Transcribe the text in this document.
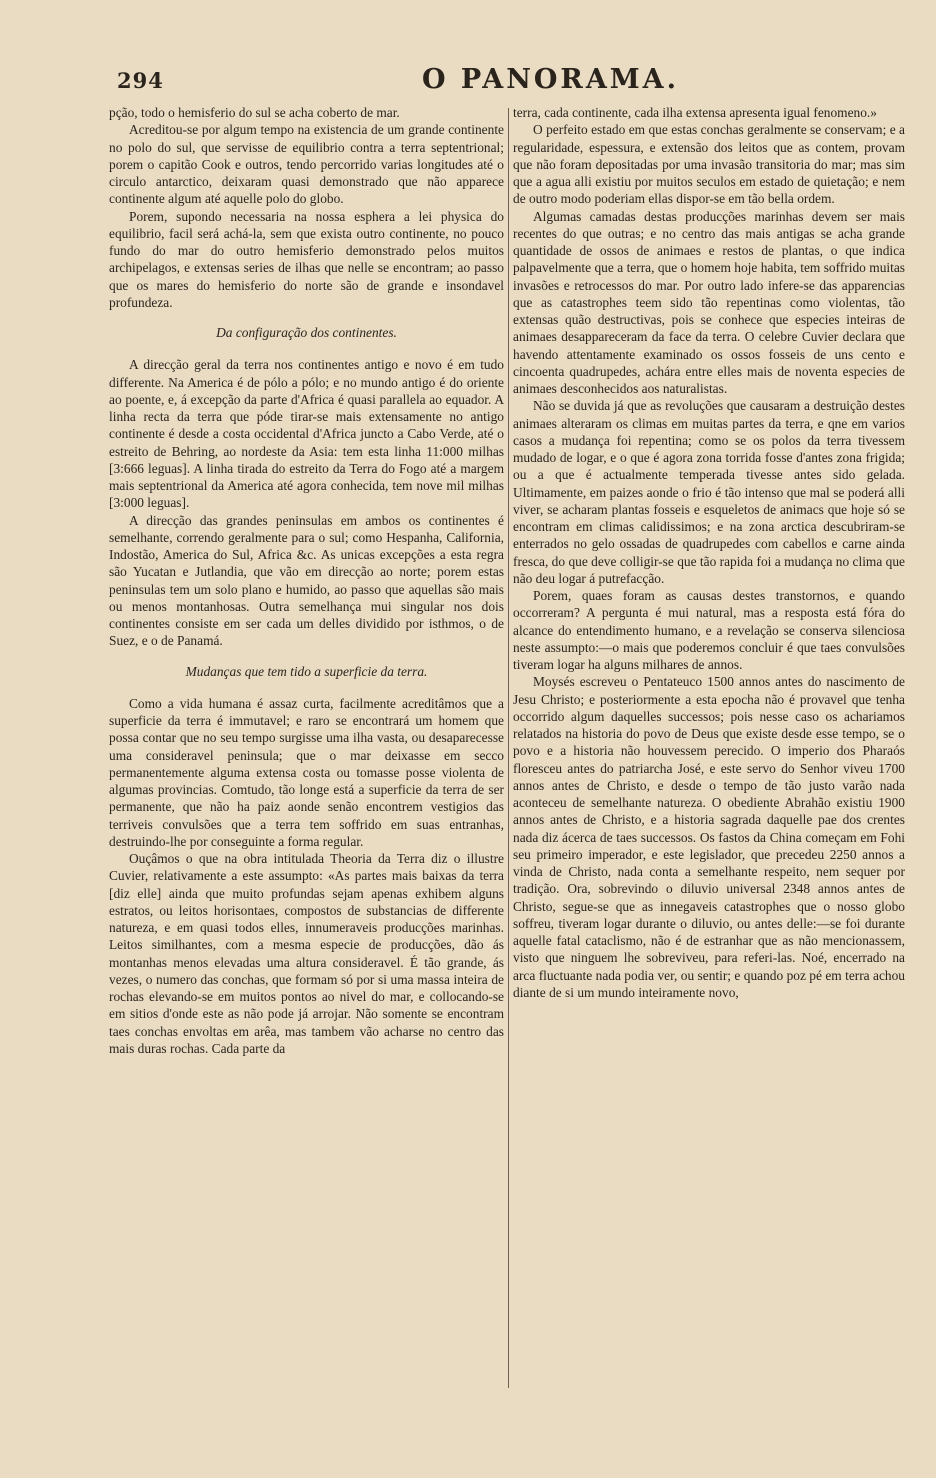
294	O PANORAMA.

pção, todo o hemisferio do sul se acha coberto de mar.

Acreditou-se por algum tempo na existencia de um grande continente no polo do sul, que servisse de equilibrio contra a terra septentrional; porem o capitão Cook e outros, tendo percorrido varias longitudes até o circulo antarctico, deixaram quasi demonstrado que não apparece continente algum até aquelle polo do globo.

Porem, supondo necessaria na nossa esphera a lei physica do equilibrio, facil será achá-la, sem que exista outro continente, no pouco fundo do mar do outro hemisferio demonstrado pelos muitos archipelagos, e extensas series de ilhas que nelle se encontram; ao passo que os mares do hemisferio do norte são de grande e insondavel profundeza.

Da configuração dos continentes.

A direcção geral da terra nos continentes antigo e novo é em tudo differente. Na America é de pólo a pólo; e no mundo antigo é do oriente ao poente, e, á excepção da parte d'Africa é quasi parallela ao equador. A linha recta da terra que póde tirar-se mais extensamente no antigo continente é desde a costa occidental d'Africa juncto a Cabo Verde, até o estreito de Behring, ao nordeste da Asia: tem esta linha 11:000 milhas [3:666 leguas]. A linha tirada do estreito da Terra do Fogo até a margem mais septentrional da America até agora conhecida, tem nove mil milhas [3:000 leguas].

A direcção das grandes peninsulas em ambos os continentes é semelhante, correndo geralmente para o sul; como Hespanha, California, Indostão, America do Sul, Africa &c. As unicas excepções a esta regra são Yucatan e Jutlandia, que vão em direcção ao norte; porem estas peninsulas tem um solo plano e humido, ao passo que aquellas são mais ou menos montanhosas. Outra semelhança mui singular nos dois continentes consiste em ser cada um delles dividido por isthmos, o de Suez, e o de Panamá.

Mudanças que tem tido a superficie da terra.

Como a vida humana é assaz curta, facilmente acreditâmos que a superficie da terra é immutavel; e raro se encontrará um homem que possa contar que no seu tempo surgisse uma ilha vasta, ou desaparecesse uma consideravel peninsula; que o mar deixasse em secco permanentemente alguma extensa costa ou tomasse posse violenta de algumas provincias. Comtudo, tão longe está a superficie da terra de ser permanente, que não ha paiz aonde senão encontrem vestigios das terriveis convulsões que a terra tem soffrido em suas entranhas, destruindo-lhe por conseguinte a forma regular.

Ouçâmos o que na obra intitulada Theoria da Terra diz o illustre Cuvier, relativamente a este assumpto: «As partes mais baixas da terra [diz elle] ainda que muito profundas sejam apenas exhibem alguns estratos, ou leitos horisontaes, compostos de substancias de differente natureza, e em quasi todos elles, innumeraveis producções marinhas. Leitos similhantes, com a mesma especie de producções, dão ás montanhas menos elevadas uma altura consideravel. É tão grande, ás vezes, o numero das conchas, que formam só por si uma massa inteira de rochas elevando-se em muitos pontos ao nivel do mar, e collocando-se em sitios d'onde este as não pode já arrojar. Não somente se encontram taes conchas envoltas em arêa, mas tambem vão acharse no centro das mais duras rochas. Cada parte da

terra, cada continente, cada ilha extensa apresenta igual fenomeno.»

O perfeito estado em que estas conchas geralmente se conservam; e a regularidade, espessura, e extensão dos leitos que as contem, provam que não foram depositadas por uma invasão transitoria do mar; mas sim que a agua alli existiu por muitos seculos em estado de quietação; e nem de outro modo poderiam ellas dispor-se em tão bella ordem.

Algumas camadas destas producções marinhas devem ser mais recentes do que outras; e no centro das mais antigas se acha grande quantidade de ossos de animaes e restos de plantas, o que indica palpavelmente que a terra, que o homem hoje habita, tem soffrido muitas invasões e retrocessos do mar. Por outro lado infere-se das apparencias que as catastrophes teem sido tão repentinas como violentas, tão extensas quão destructivas, pois se conhece que especies inteiras de animaes desappareceram da face da terra. O celebre Cuvier declara que havendo attentamente examinado os ossos fosseis de uns cento e cincoenta quadrupedes, achára entre elles mais de noventa especies de animaes desconhecidos aos naturalistas.

Não se duvida já que as revoluções que causaram a destruição destes animaes alteraram os climas em muitas partes da terra, e qne em varios casos a mudança foi repentina; como se os polos da terra tivessem mudado de logar, e o que é agora zona torrida fosse d'antes zona frigida; ou a que é actualmente temperada tivesse antes sido gelada. Ultimamente, em paizes aonde o frio é tão intenso que mal se poderá alli viver, se acharam plantas fosseis e esqueletos de animacs que hoje só se encontram em climas calidissimos; e na zona arctica descubriram-se enterrados no gelo ossadas de quadrupedes com cabellos e carne ainda fresca, do que deve colligir-se que tão rapida foi a mudança no clima que não deu logar á putrefacção.

Porem, quaes foram as causas destes transtornos, e quando occorreram? A pergunta é mui natural, mas a resposta está fóra do alcance do entendimento humano, e a revelação se conserva silenciosa neste assumpto:—o mais que poderemos concluir é que taes convulsões tiveram logar ha alguns milhares de annos.

Moysés escreveu o Pentateuco 1500 annos antes do nascimento de Jesu Christo; e posteriormente a esta epocha não é provavel que tenha occorrido algum daquelles successos; pois nesse caso os achariamos relatados na historia do povo de Deus que existe desde esse tempo, se o povo e a historia não houvessem perecido. O imperio dos Pharaós floresceu antes do patriarcha José, e este servo do Senhor viveu 1700 annos antes de Christo, e desde o tempo de tão justo varão nada aconteceu de semelhante natureza. O obediente Abrahão existiu 1900 annos antes de Christo, e a historia sagrada daquelle pae dos crentes nada diz ácerca de taes successos. Os fastos da China começam em Fohi seu primeiro imperador, e este legislador, que precedeu 2250 annos a vinda de Christo, nada conta a semelhante respeito, nem sequer por tradição. Ora, sobrevindo o diluvio universal 2348 annos antes de Christo, segue-se que as innegaveis catastrophes que o nosso globo soffreu, tiveram logar durante o diluvio, ou antes delle:—se foi durante aquelle fatal cataclismo, não é de estranhar que as não mencionassem, visto que ninguem lhe sobreviveu, para referi-las. Noé, encerrado na arca fluctuante nada podia ver, ou sentir; e quando poz pé em terra achou diante de si um mundo inteiramente novo,
